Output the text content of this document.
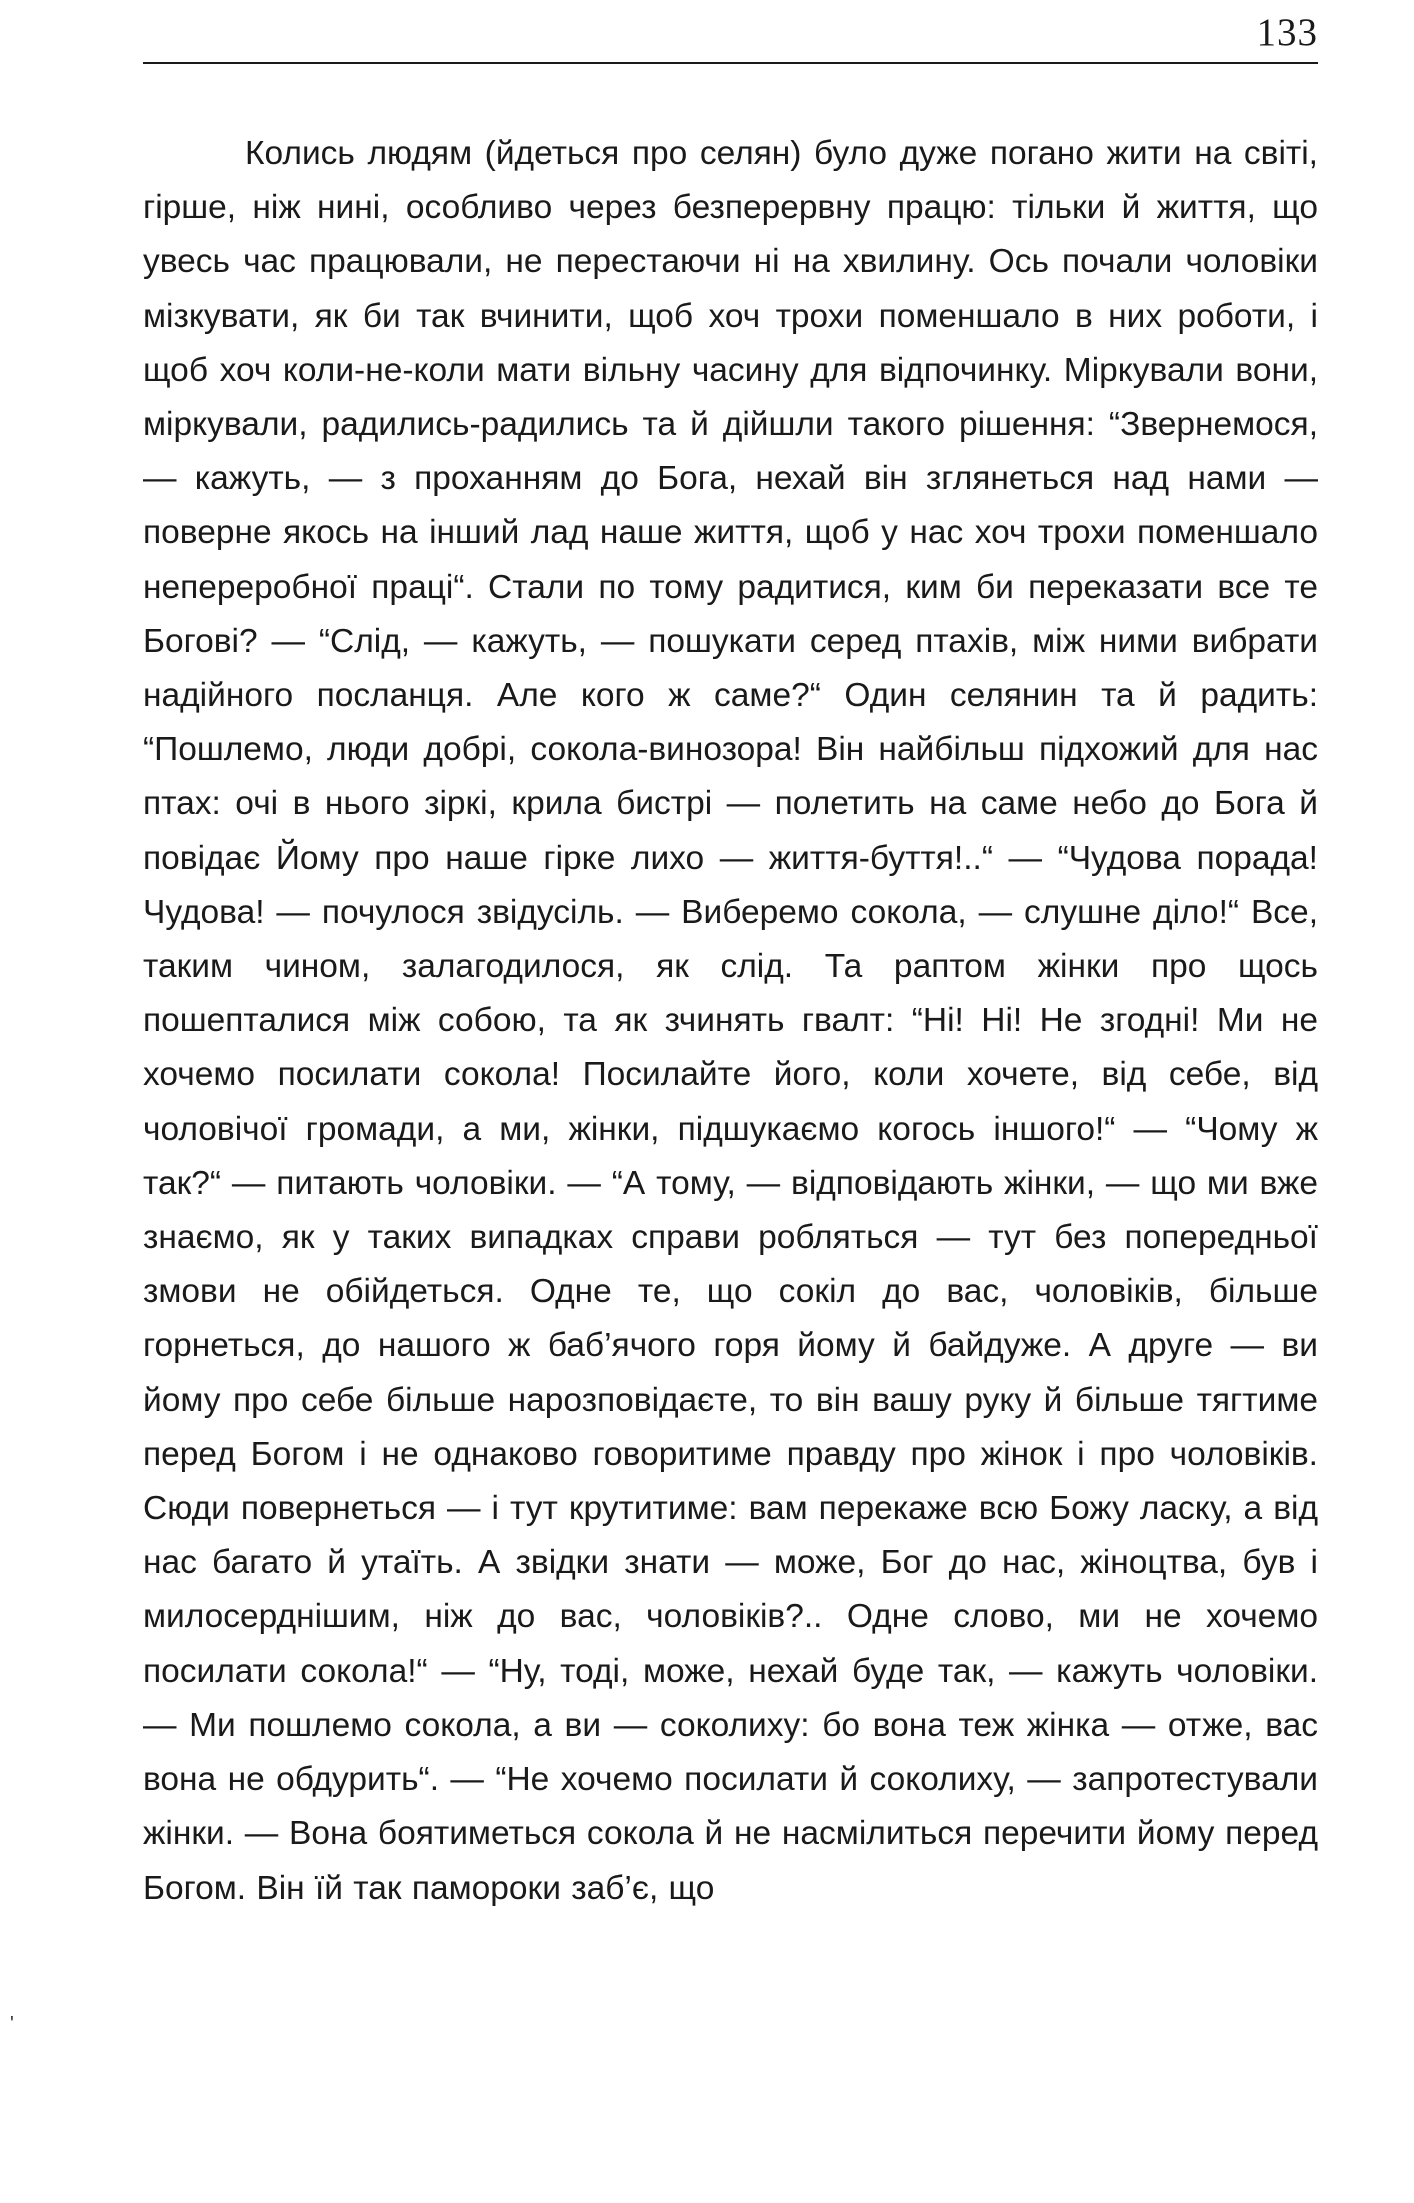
133

Колись людям (йдеться про селян) було дуже погано жити на світі, гірше, ніж нині, особливо через безперервну працю: тільки й життя, що увесь час працювали, не перестаючи ні на хвилину. Ось почали чоловіки мізкувати, як би так вчинити, щоб хоч трохи поменшало в них роботи, і щоб хоч коли-не-коли мати вільну часину для відпочинку. Міркували вони, міркували, радились-радились та й дійшли такого рішення: “Звернемося, — кажуть, — з проханням до Бога, нехай він зглянеться над нами — поверне якось на інший лад наше життя, щоб у нас хоч трохи поменшало непереробної праці“. Стали по тому радитися, ким би переказати все те Богові? — “Слід, — кажуть, — пошукати серед птахів, між ними вибрати надійного посланця. Але кого ж саме?“ Один селянин та й радить: “Пошлемо, люди добрі, сокола-винозора! Він найбільш підхожий для нас птах: очі в нього зіркі, крила бистрі — полетить на саме небо до Бога й повідає Йому про наше гірке лихо — життя-буття!..“ — “Чудова порада! Чудова! — почулося звідусіль. — Виберемо сокола, — слушне діло!“ Все, таким чином, залагодилося, як слід. Та раптом жінки про щось пошепталися між собою, та як зчинять гвалт: “Ні! Ні! Не згодні! Ми не хочемо посилати сокола! Посилайте його, коли хочете, від себе, від чоловічої громади, а ми, жінки, підшукаємо когось іншого!“ — “Чому ж так?“ — питають чоловіки. — “А тому, — відповідають жінки, — що ми вже знаємо, як у таких випадках справи робляться — тут без попередньої змови не обійдеться. Одне те, що сокіл до вас, чоловіків, більше горнеться, до нашого ж баб’ячого горя йому й байдуже. А друге — ви йому про себе більше нарозповідаєте, то він вашу руку й більше тягтиме перед Богом і не однаково говоритиме правду про жінок і про чоловіків. Сюди повернеться — і тут крутитиме: вам перекаже всю Божу ласку, а від нас багато й утаїть. А звідки знати — може, Бог до нас, жіноцтва, був і милосерднішим, ніж до вас, чоловіків?.. Одне слово, ми не хочемо посилати сокола!“ — “Ну, тоді, може, нехай буде так, — кажуть чоловіки. — Ми пошлемо сокола, а ви — соколиху: бо вона теж жінка — отже, вас вона не обдурить“. — “Не хочемо посилати й соколиху, — запротестували жінки. — Вона боятиметься сокола й не насмілиться перечити йому перед Богом. Він їй так памороки заб’є, що

'
